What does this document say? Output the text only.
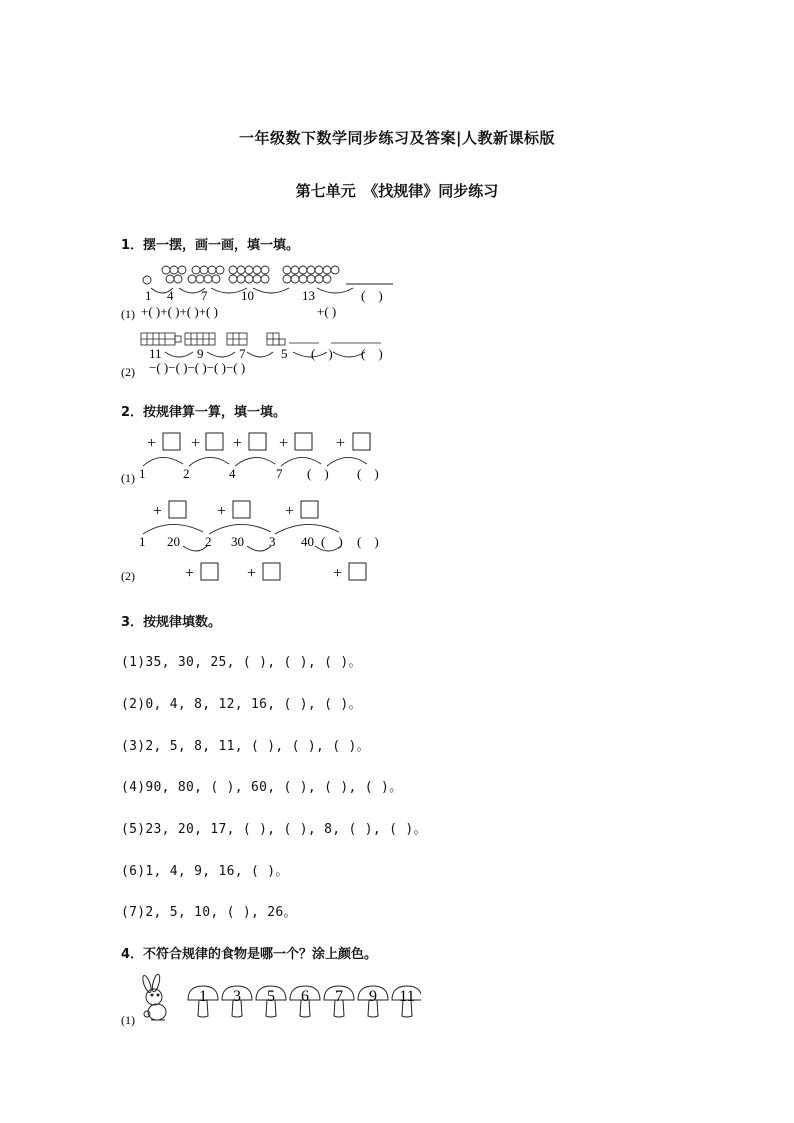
一年级数下数学同步练习及答案|人教新课标版
第七单元　《找规律》同步练习
1．摆一摆，画一画，填一填。
1 4 7	10	13	(　)
(1) +( )+( )+( )+( )	+( )
11	9	7	5 (　) (　)
(2) −( )−( )−( )−( )−( )
2．按规律算一算，填一填。
+ + + +	+
1	2	4	7 (　) (　)
(1)
+	+	+
1 20 2 30 3 40 (　) (　)
+	+	+
(2)
3．按规律填数。
(1)35, 30, 25, ( ), ( ), ( )。
(2)0, 4, 8, 12, 16, ( ), ( )。
(3)2, 5, 8, 11, ( ), ( ), ( )。
(4)90, 80, ( ), 60, ( ), ( ), ( )。
(5)23, 20, 17, ( ), ( ), 8, ( ), ( )。
(6)1, 4, 9, 16, ( )。
(7)2, 5, 10, ( ), 26。
4．不符合规律的食物是哪一个？涂上颜色。
(1)
1 3 5 6 7 9 11
